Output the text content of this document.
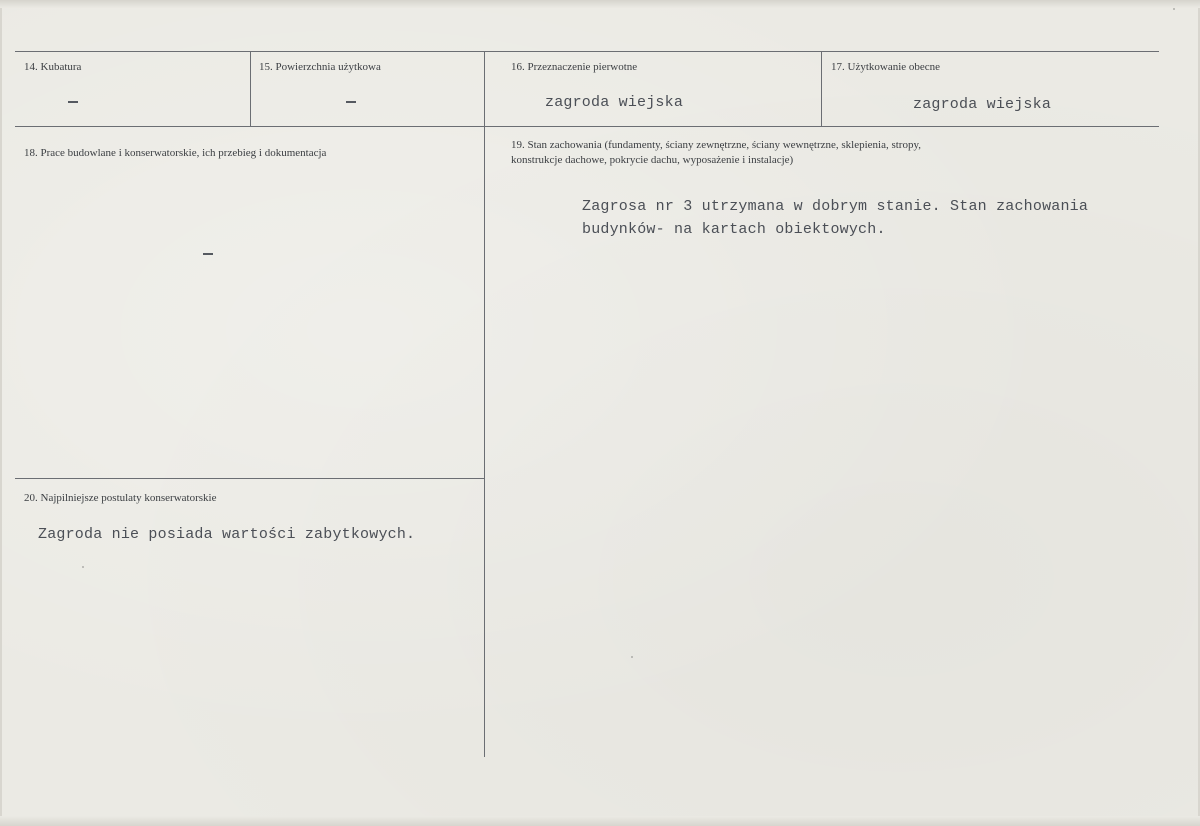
14. Kubatura	15. Powierzchnia użytkowa	16. Przeznaczenie pierwotne
zagroda wiejska
17. Użytkowanie obecne
zagroda wiejska
18. Prace budowlane i konserwatorskie, ich przebieg i dokumentacja
19. Stan zachowania (fundamenty, ściany zewnętrzne, ściany wewnętrzne, sklepienia, stropy,
konstrukcje dachowe, pokrycie dachu, wyposażenie i instalacje)
Zagrosa nr 3 utrzymana w dobrym stanie. Stan zachowania
budynków- na kartach obiektowych.
20. Najpilniejsze postulaty konserwatorskie
Zagroda nie posiada wartości zabytkowych.
